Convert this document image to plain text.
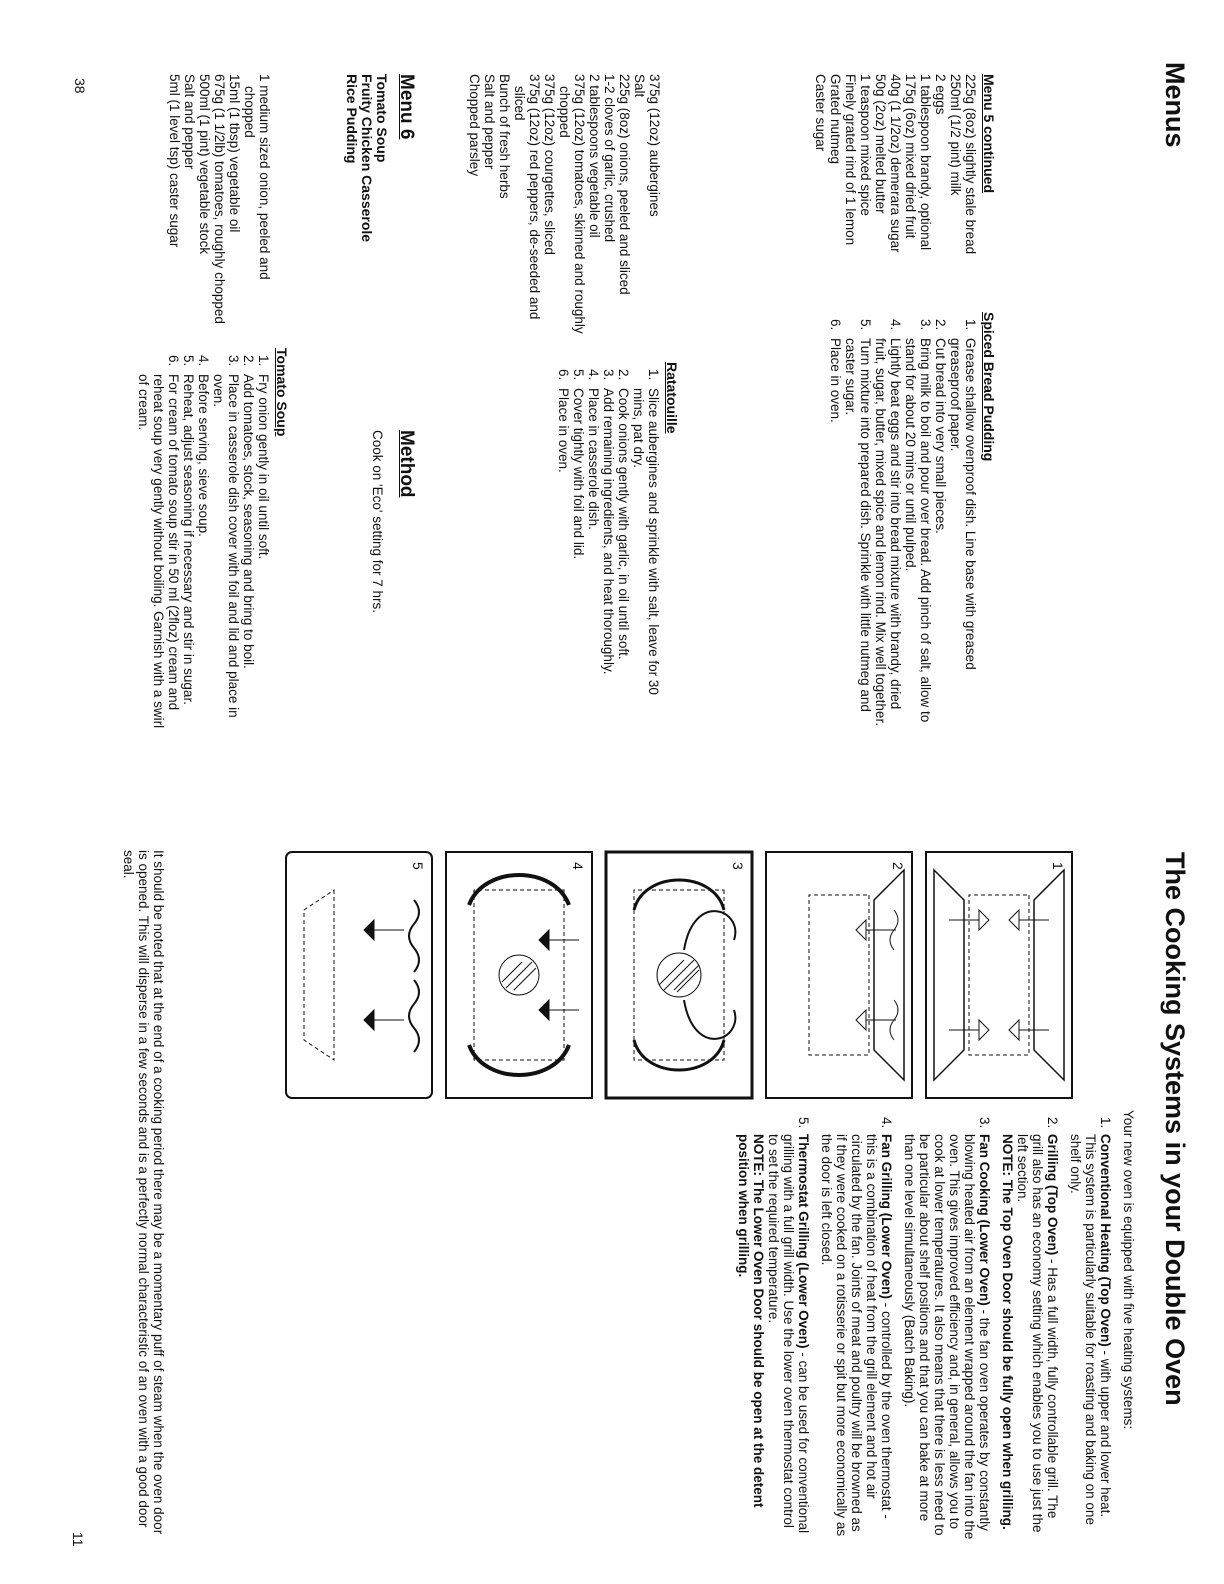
Menus

Menu 5 continued

225g (8oz) slightly stale bread
250ml (1/2 pint) milk
2 eggs
1 tablespoon brandy, optional
175g (6oz) mixed dried fruit
40g (1 1/2oz) demerara sugar
50g (2oz) melted butter
1 teaspoon mixed spice
Finely grated rind of 1 lemon
Grated nutmeg
Caster sugar

Spiced Bread Pudding

1. Grease shallow ovenproof dish. Line base with greased greaseproof paper.
2. Cut bread into very small pieces.
3. Bring milk to boil and pour over bread. Add pinch of salt, allow to stand for about 20 mins or until pulped.
4. Lightly beat eggs and stir into bread mixture with brandy, dried fruit, sugar, butter, mixed spice and lemon rind. Mix well together.
5. Turn mixture into prepared dish. Sprinkle with little nutmeg and caster sugar.
6. Place in oven.
375g (12oz) aubergines
Salt
225g (8oz) onions, peeled and sliced
1-2 cloves of garlic, crushed
2 tablespoons vegetable oil
375g (12oz) tomatoes, skinned and roughly chopped
375g (12oz) courgettes, sliced
375g (12oz) red peppers, de-seeded and sliced
Bunch of fresh herbs
Salt and pepper
Chopped parsley

Ratatouille

1. Slice aubergines and sprinkle with salt, leave for 30 mins, pat dry.
2. Cook onions gently with garlic, in oil until soft.
3. Add remaining ingredients, and heat thoroughly.
4. Place in casserole dish.
5. Cover tightly with foil and lid.
6. Place in oven.

Menu 6

Tomato Soup
Fruity Chicken Casserole
Rice Pudding

Method

Cook on 'Eco' setting for 7 hrs.
1 medium sized onion, peeled and chopped
15ml (1 tbsp) vegetable oil
675g (1 1/2lb) tomatoes, roughly chopped
500ml (1 pint) vegetable stock
Salt and pepper
5ml (1 level tsp) caster sugar

Tomato Soup

1. Fry onion gently in oil until soft.
2. Add tomatoes, stock, seasoning and bring to boil.
3. Place in casserole dish cover with foil and lid and place in oven.
4. Before serving, sieve soup.
5. Reheat, adjust seasoning if necessary and stir in sugar.
6. For cream of tomato soup stir in 50 ml (2floz) cream and reheat soup very gently without boiling. Garnish with a swirl of cream.
38
The Cooking Systems in your Double Oven
1
2
3
4
5

Your new oven is equipped with five heating systems:

1. Conventional Heating (Top Oven) - with upper and lower heat. This system is particularly suitable for roasting and baking on one shelf only.
2. Grilling (Top Oven) - Has a full width, fully controllable grill. The grill also has an economy setting which enables you to use just the left section.
NOTE: The Top Oven Door should be fully open when grilling.
3. Fan Cooking (Lower Oven) - the fan oven operates by constantly blowing heated air from an element wrapped around the fan into the oven. This gives improved efficiency and, in general, allows you to cook at lower temperatures. It also means that there is less need to be particular about shelf positions and that you can bake at more than one level simultaneously (Batch Baking).
4. Fan Grilling (Lower Oven) - controlled by the oven thermostat - this is a combination of heat from the grill element and hot air circulated by the fan. Joints of meat and poultry will be browned as if they were cooked on a rotisserie or spit but more economically as the door is left closed.
5. Thermostat Grilling (Lower Oven) - can be used for conventional grilling with a full grill width. Use the lower oven thermostat control to set the required temperature.
NOTE: The Lower Oven Door should be open at the detent position when grilling.
It should be noted that at the end of a cooking period there may be a momentary puff of steam when the oven door is opened. This will disperse in a few seconds and is a perfectly normal characteristic of an oven with a good door seal.
11
